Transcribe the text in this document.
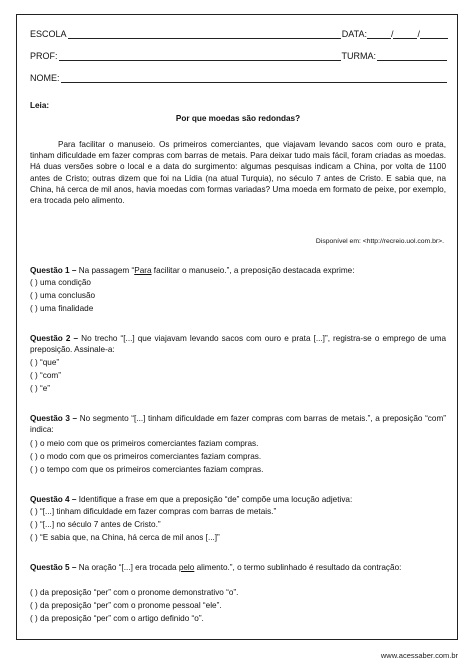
ESCOLA	DATA:	/	/
PROF:	TURMA:
NOME:
Leia:
Por que moedas são redondas?
Para facilitar o manuseio. Os primeiros comerciantes, que viajavam levando sacos com ouro e prata, tinham dificuldade em fazer compras com barras de metais. Para deixar tudo mais fácil, foram criadas as moedas. Há duas versões sobre o local e a data do surgimento: algumas pesquisas indicam a China, por volta de 1100 antes de Cristo; outras dizem que foi na Lídia (na atual Turquia), no século 7 antes de Cristo. E sabia que, na China, há cerca de mil anos, havia moedas com formas variadas? Uma moeda em formato de peixe, por exemplo, era trocada pelo alimento.
Disponível em: <http://recreio.uol.com.br>.
Questão 1 – Na passagem “Para facilitar o manuseio.”, a preposição destacada exprime:
( ) uma condição
( ) uma conclusão
( ) uma finalidade
Questão 2 – No trecho “[...] que viajavam levando sacos com ouro e prata [...]”, registra-se o emprego de uma preposição. Assinale-a:
( ) “que”
( ) “com”
( ) “e”
Questão 3 – No segmento “[...] tinham dificuldade em fazer compras com barras de metais.”, a preposição “com” indica:
( ) o meio com que os primeiros comerciantes faziam compras.
( ) o modo com que os primeiros comerciantes faziam compras.
( ) o tempo com que os primeiros comerciantes faziam compras.
Questão 4 – Identifique a frase em que a preposição “de” compõe uma locução adjetiva:
( ) “[...] tinham dificuldade em fazer compras com barras de metais.”
( ) “[...] no século 7 antes de Cristo.”
( ) “E sabia que, na China, há cerca de mil anos [...]”
Questão 5 – Na oração “[...] era trocada pelo alimento.”, o termo sublinhado é resultado da contração:
( ) da preposição “per” com o pronome demonstrativo “o”.
( ) da preposição “per” com o pronome pessoal “ele”.
( ) da preposição “per” com o artigo definido “o”.
www.acessaber.com.br
